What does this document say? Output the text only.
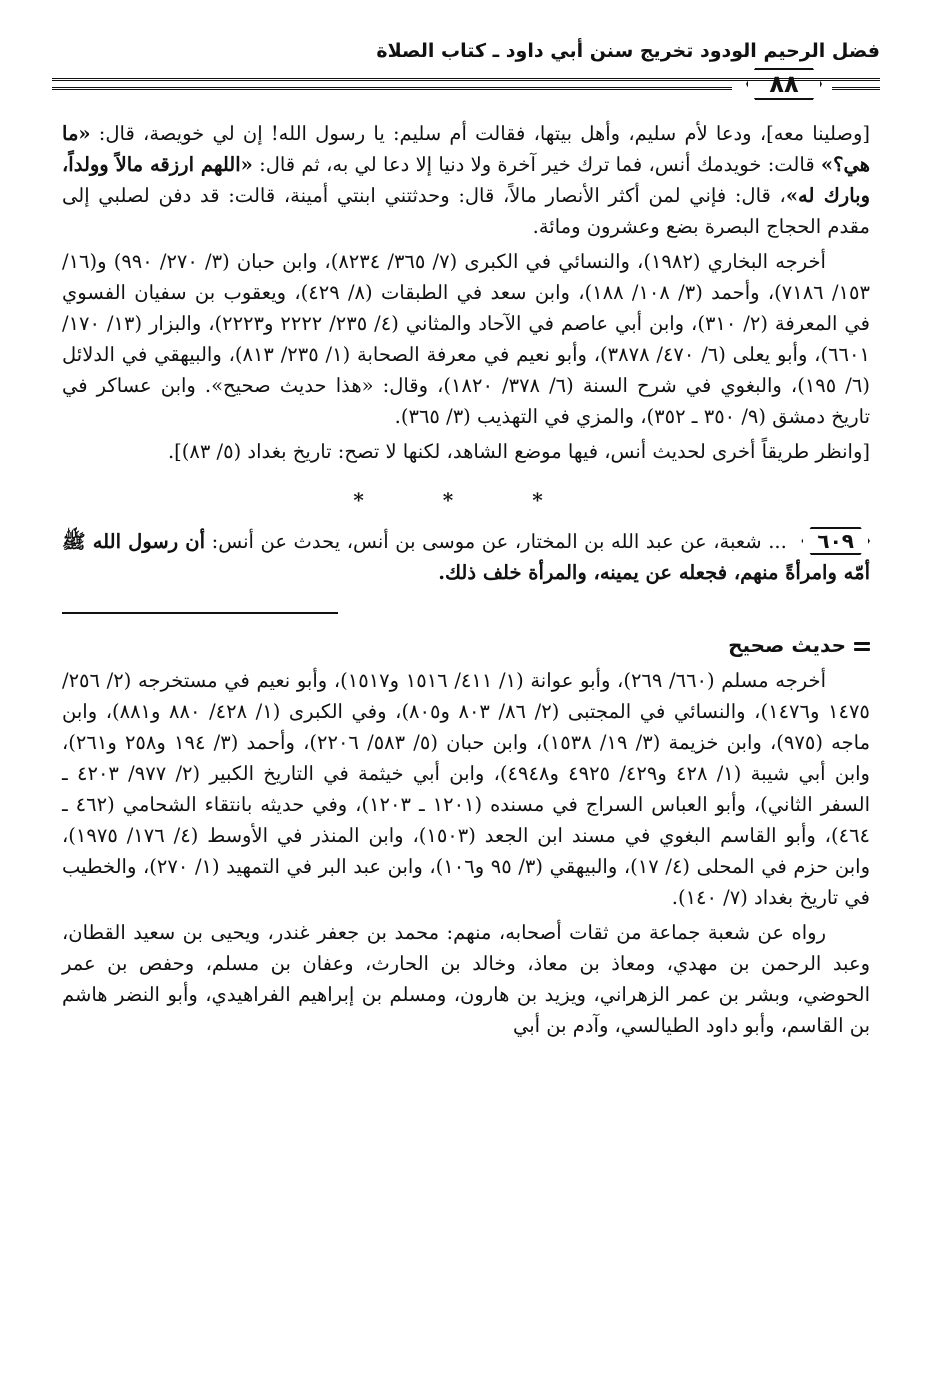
فضل الرحيم الودود تخريج سنن أبي داود ـ كتاب الصلاة
٨٨

[وصلينا معه]، ودعا لأم سليم، وأهل بيتها، فقالت أم سليم: يا رسول الله! إن لي خويصة، قال: «ما هي؟» قالت: خويدمك أنس، فما ترك خير آخرة ولا دنيا إلا دعا لي به، ثم قال: «اللهم ارزقه مالاً وولداً، وبارك له»، قال: فإني لمن أكثر الأنصار مالاً، قال: وحدثتني ابنتي أمينة، قالت: قد دفن لصلبي إلى مقدم الحجاج البصرة بضع وعشرون ومائة.

أخرجه البخاري (١٩٨٢)، والنسائي في الكبرى (٧/ ٣٦٥/ ٨٢٣٤)، وابن حبان (٣/ ٢٧٠/ ٩٩٠) و(١٦/ ١٥٣/ ٧١٨٦)، وأحمد (٣/ ١٠٨/ ١٨٨)، وابن سعد في الطبقات (٨/ ٤٢٩)، ويعقوب بن سفيان الفسوي في المعرفة (٢/ ٣١٠)، وابن أبي عاصم في الآحاد والمثاني (٤/ ٢٣٥/ ٢٢٢٢ و٢٢٢٣)، والبزار (١٣/ ١٧٠/ ٦٦٠١)، وأبو يعلى (٦/ ٤٧٠/ ٣٨٧٨)، وأبو نعيم في معرفة الصحابة (١/ ٢٣٥/ ٨١٣)، والبيهقي في الدلائل (٦/ ١٩٥)، والبغوي في شرح السنة (٦/ ٣٧٨/ ١٨٢٠)، وقال: «هذا حديث صحيح». وابن عساكر في تاريخ دمشق (٩/ ٣٥٠ ـ ٣٥٢)، والمزي في التهذيب (٣/ ٣٦٥).

[وانظر طريقاً أخرى لحديث أنس، فيها موضع الشاهد، لكنها لا تصح: تاريخ بغداد (٥/ ٨٣)].

* * *

٦٠٩ ... شعبة، عن عبد الله بن المختار، عن موسى بن أنس، يحدث عن أنس: أن رسول الله ﷺ أمّه وامرأةً منهم، فجعله عن يمينه، والمرأة خلف ذلك.

حديث صحيح

أخرجه مسلم (٦٦٠/ ٢٦٩)، وأبو عوانة (١/ ٤١١/ ١٥١٦ و١٥١٧)، وأبو نعيم في مستخرجه (٢/ ٢٥٦/ ١٤٧٥ و١٤٧٦)، والنسائي في المجتبى (٢/ ٨٦/ ٨٠٣ و٨٠٥)، وفي الكبرى (١/ ٤٢٨/ ٨٨٠ و٨٨١)، وابن ماجه (٩٧٥)، وابن خزيمة (٣/ ١٩/ ١٥٣٨)، وابن حبان (٥/ ٥٨٣/ ٢٢٠٦)، وأحمد (٣/ ١٩٤ و٢٥٨ و٢٦١)، وابن أبي شيبة (١/ ٤٢٨ و٤٢٩/ ٤٩٢٥ و٤٩٤٨)، وابن أبي خيثمة في التاريخ الكبير (٢/ ٩٧٧/ ٤٢٠٣ ـ السفر الثاني)، وأبو العباس السراج في مسنده (١٢٠١ ـ ١٢٠٣)، وفي حديثه بانتقاء الشحامي (٤٦٢ ـ ٤٦٤)، وأبو القاسم البغوي في مسند ابن الجعد (١٥٠٣)، وابن المنذر في الأوسط (٤/ ١٧٦/ ١٩٧٥)، وابن حزم في المحلى (٤/ ١٧)، والبيهقي (٣/ ٩٥ و١٠٦)، وابن عبد البر في التمهيد (١/ ٢٧٠)، والخطيب في تاريخ بغداد (٧/ ١٤٠).

رواه عن شعبة جماعة من ثقات أصحابه، منهم: محمد بن جعفر غندر، ويحيى بن سعيد القطان، وعبد الرحمن بن مهدي، ومعاذ بن معاذ، وخالد بن الحارث، وعفان بن مسلم، وحفص بن عمر الحوضي، وبشر بن عمر الزهراني، ويزيد بن هارون، ومسلم بن إبراهيم الفراهيدي، وأبو النضر هاشم بن القاسم، وأبو داود الطيالسي، وآدم بن أبي
